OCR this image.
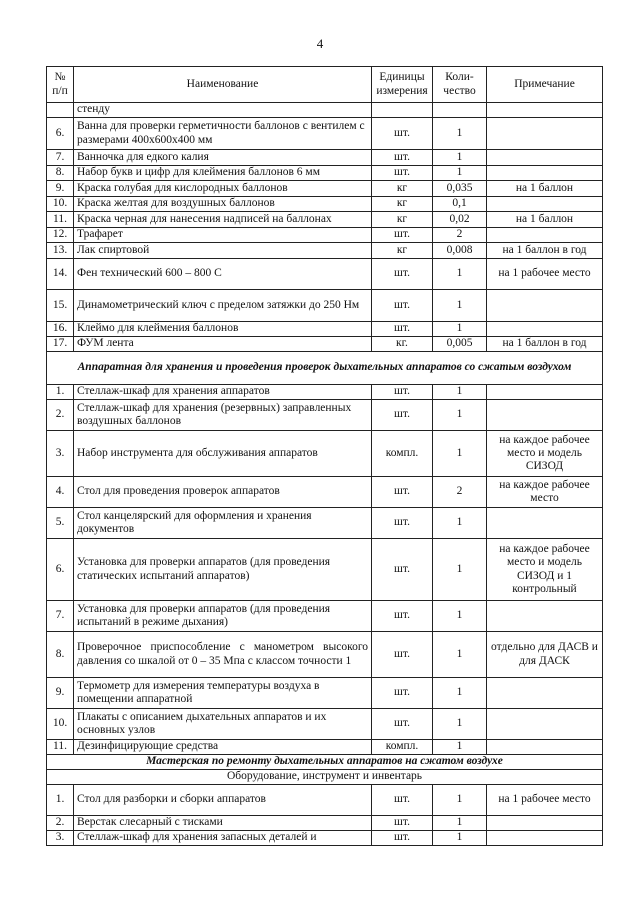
4
№ п/п	Наименование	Единицы измерения	Коли-чество	Примечание
	стенду			
6.	Ванна для проверки герметичности баллонов с вентилем с размерами 400х600х400 мм	шт.	1	
7.	Ванночка для едкого калия	шт.	1	
8.	Набор букв и цифр для клеймения баллонов 6 мм	шт.	1	
9.	Краска голубая для кислородных баллонов	кг	0,035	на 1 баллон
10.	Краска желтая для воздушных баллонов	кг	0,1	
11.	Краска черная для нанесения надписей на баллонах	кг	0,02	на 1 баллон
12.	Трафарет	шт.	2	
13.	Лак спиртовой	кг	0,008	на 1 баллон в год
14.	Фен технический 600 – 800 С	шт.	1	на 1 рабочее место
15.	Динамометрический ключ с пределом затяжки до 250 Нм	шт.	1	
16.	Клеймо для клеймения баллонов	шт.	1	
17.	ФУМ лента	кг.	0,005	на 1 баллон в год
Аппаратная для хранения и проведения проверок дыхательных аппаратов со сжатым воздухом				
1.	Стеллаж-шкаф для хранения аппаратов	шт.	1	
2.	Стеллаж-шкаф для хранения (резервных) заправленных воздушных баллонов	шт.	1	
3.	Набор инструмента для обслуживания аппаратов	компл.	1	на каждое рабочее место и модель СИЗОД
4.	Стол для проведения проверок аппаратов	шт.	2	на каждое рабочее место
5.	Стол канцелярский для оформления и хранения документов	шт.	1	
6.	Установка для проверки аппаратов (для проведения статических испытаний аппаратов)	шт.	1	на каждое рабочее место и модель СИЗОД и 1 контрольный
7.	Установка для проверки аппаратов (для проведения испытаний в режиме дыхания)	шт.	1	
8.	Проверочное приспособление с манометром высокого давления со шкалой от 0 – 35 Мпа с классом точности 1	шт.	1	отдельно для ДАСВ и для ДАСК
9.	Термометр для измерения температуры воздуха в помещении аппаратной	шт.	1	
10.	Плакаты с описанием дыхательных аппаратов и их основных узлов	шт.	1	
11.	Дезинфицирующие средства	компл.	1	
Мастерская по ремонту дыхательных аппаратов на сжатом воздухе				
Оборудование, инструмент и инвентарь				
1.	Стол для разборки и сборки аппаратов	шт.	1	на 1 рабочее место
2.	Верстак слесарный с тисками	шт.	1	
3.	Стеллаж-шкаф для хранения запасных деталей и	шт.	1	
